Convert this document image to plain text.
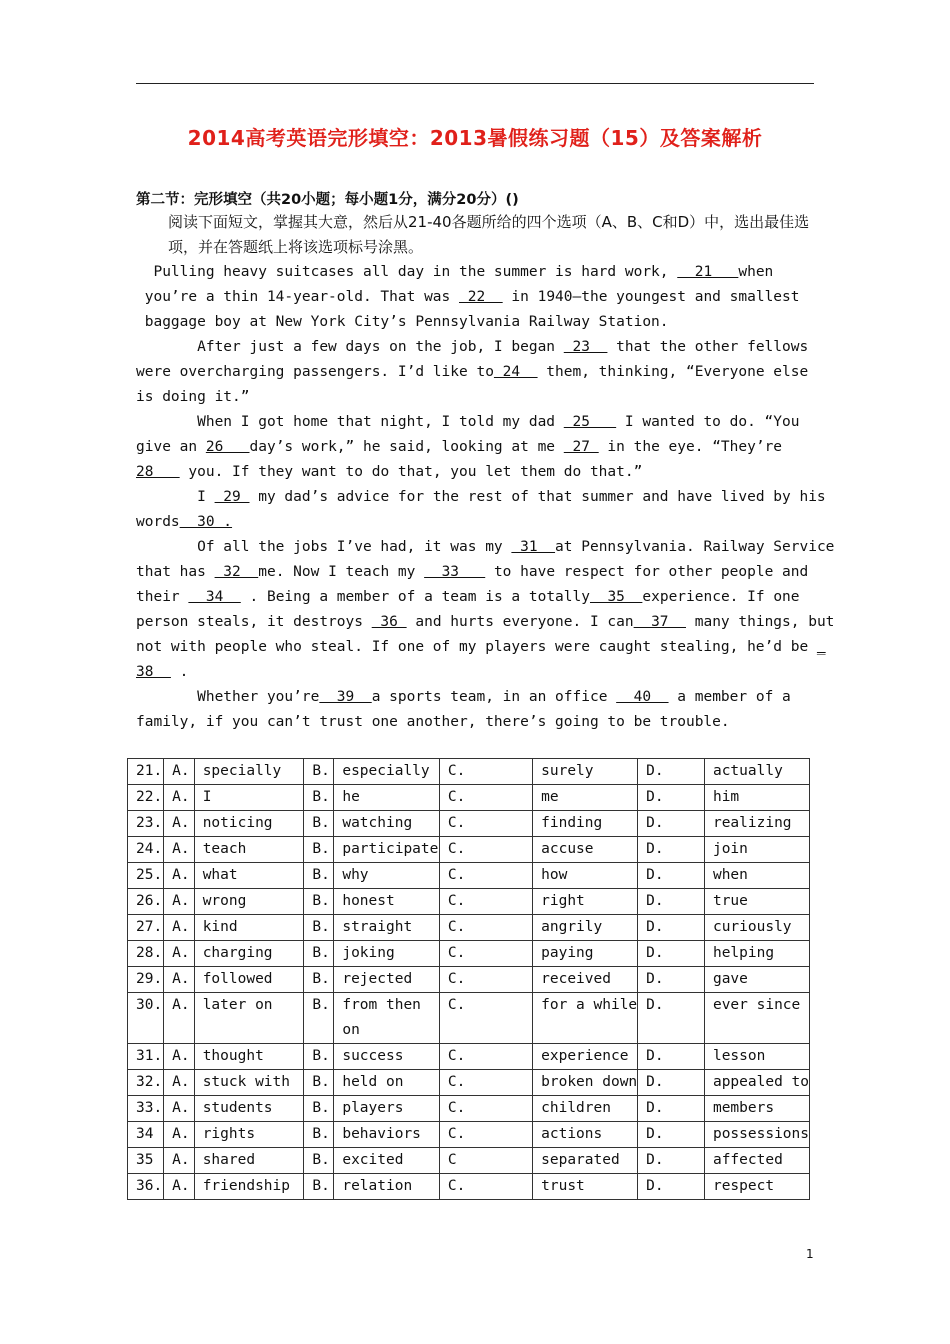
2014高考英语完形填空：2013暑假练习题（15）及答案解析
第二节：完形填空（共20小题；每小题1分，满分20分）()
阅读下面短文，掌握其大意，然后从21-40各题所给的四个选项（A、B、C和D）中，选出最佳选项，并在答题纸上将该选项标号涂黑。
Pulling heavy suitcases all day in the summer is hard work,   21   when
you’re a thin 14-year-old. That was  22   in 1940—the youngest and smallest
baggage boy at New York City’s Pennsylvania Railway Station.
After just a few days on the job, I began  23   that the other fellows
were overcharging passengers. I’d like to 24   them, thinking, “Everyone else
is doing it.”
When I got home that night, I told my dad  25    I wanted to do. “You
give an 26   day’s work,” he said, looking at me  27  in the eye. “They’re
28    you. If they want to do that, you let them do that.”
I  29  my dad’s advice for the rest of that summer and have lived by his
words  30 .
Of all the jobs I’ve had, it was my  31  at Pennsylvania. Railway Service
that has  32  me. Now I teach my   33    to have respect for other people and
their   34   . Being a member of a team is a totally  35  experience. If one
person steals, it destroys  36  and hurts everyone. I can  37   many things, but
not with people who steal. If one of my players were caught stealing, he’d be _
38   .
Whether you’re  39  a sports team, in an office   40   a member of a
family, if you can’t trust one another, there’s going to be trouble.
21.	A.	specially	B.	especially	C.	surely	D.	actually
22.	A.	I	B.	he	C.	me	D.	him
23.	A.	noticing	B.	watching	C.	finding	D.	realizing
24.	A.	teach	B.	participate	C.	accuse	D.	join
25.	A.	what	B.	why	C.	how	D.	when
26.	A.	wrong	B.	honest	C.	right	D.	true
27.	A.	kind	B.	straight	C.	angrily	D.	curiously
28.	A.	charging	B.	joking	C.	paying	D.	helping
29.	A.	followed	B.	rejected	C.	received	D.	gave
30.	A.	later on	B.	from then on	C.	for a while	D.	ever since
31.	A.	thought	B.	success	C.	experience	D.	lesson
32.	A.	stuck with	B.	held on	C.	broken down	D.	appealed to
33.	A.	students	B.	players	C.	children	D.	members
34	A.	rights	B.	behaviors	C.	actions	D.	possessions
35	A.	shared	B.	excited	C	separated	D.	affected
36.	A.	friendship	B.	relation	C.	trust	D.	respect
1
